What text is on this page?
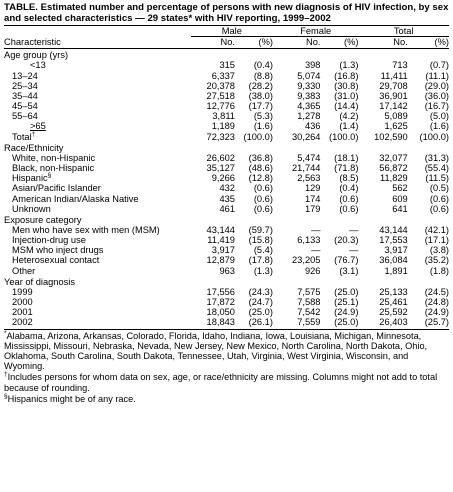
TABLE. Estimated number and percentage of persons with new diagnosis of HIV infection, by sex and selected characteristics — 29 states* with HIV reporting, 1999–2002

	Male		Female		Total	
Characteristic	No.	(%)	No.	(%)	No.	(%)
Age group (yrs)						
<13	315	(0.4)	398	(1.3)	713	(0.7)
13–24	6,337	(8.8)	5,074	(16.8)	11,411	(11.1)
25–34	20,378	(28.2)	9,330	(30.8)	29,708	(29.0)
35–44	27,518	(38.0)	9,383	(31.0)	36,901	(36.0)
45–54	12,776	(17.7)	4,365	(14.4)	17,142	(16.7)
55–64	3,811	(5.3)	1,278	(4.2)	5,089	(5.0)
>65	1,189	(1.6)	436	(1.4)	1,625	(1.6)
Total†	72,323	(100.0)	30,264	(100.0)	102,590	(100.0)
Race/Ethnicity						
White, non-Hispanic	26,602	(36.8)	5,474	(18.1)	32,077	(31.3)
Black, non-Hispanic	35,127	(48.6)	21,744	(71.8)	56,872	(55.4)
Hispanic§	9,266	(12.8)	2,563	(8.5)	11,829	(11.5)
Asian/Pacific Islander	432	(0.6)	129	(0.4)	562	(0.5)
American Indian/Alaska Native	435	(0.6)	174	(0.6)	609	(0.6)
Unknown	461	(0.6)	179	(0.6)	641	(0.6)
Exposure category						
Men who have sex with men (MSM)	43,144	(59.7)	—	—	43,144	(42.1)
Injection-drug use	11,419	(15.8)	6,133	(20.3)	17,553	(17.1)
MSM who inject drugs	3,917	(5.4)	—	—	3,917	(3.8)
Heterosexual contact	12,879	(17.8)	23,205	(76.7)	36,084	(35.2)
Other	963	(1.3)	926	(3.1)	1,891	(1.8)
Year of diagnosis						
1999	17,556	(24.3)	7,575	(25.0)	25,133	(24.5)
2000	17,872	(24.7)	7,588	(25.1)	25,461	(24.8)
2001	18,050	(25.0)	7,542	(24.9)	25,592	(24.9)
2002	18,843	(26.1)	7,559	(25.0)	26,403	(25.7)

*Alabama, Arizona, Arkansas, Colorado, Florida, Idaho, Indiana, Iowa, Louisiana, Michigan, Minnesota, Mississippi, Missouri, Nebraska, Nevada, New Jersey, New Mexico, North Carolina, North Dakota, Ohio, Oklahoma, South Carolina, South Dakota, Tennessee, Utah, Virginia, West Virginia, Wisconsin, and Wyoming.
†Includes persons for whom data on sex, age, or race/ethnicity are missing. Columns might not add to total because of rounding.
§Hispanics might be of any race.
